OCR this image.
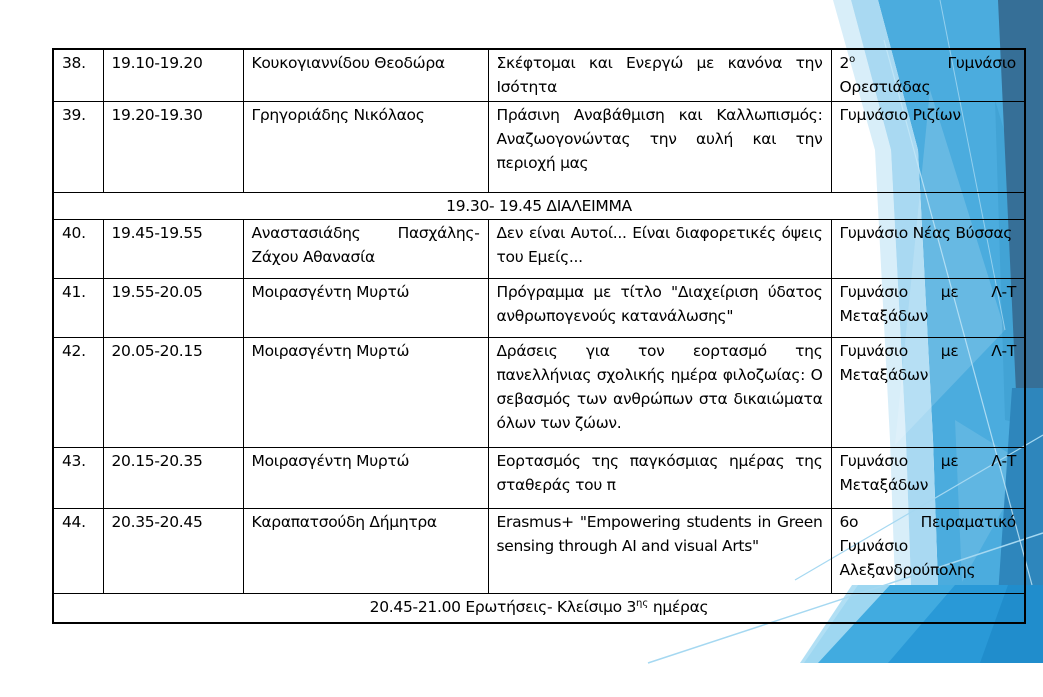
38.	19.10-19.20	Κουκογιαννίδου Θεοδώρα	Σκέφτομαι και Ενεργώ με κανόνα την Ισότητα	$2^o$ Γυμνάσιο Ορεστιάδας
39.	19.20-19.30	Γρηγοριάδης Νικόλαος	Πράσινη Αναβάθμιση και Καλλωπισμός: Αναζωογονώντας την αυλή και την περιοχή μας	Γυμνάσιο Ριζίων
19.30- 19.45 ΔΙΑΛΕΙΜΜΑ				
40.	19.45-19.55	Αναστασιάδης Πασχάλης-Ζάχου Αθανασία	Δεν είναι Αυτοί... Είναι διαφορετικές όψεις του Εμείς...	Γυμνάσιο Νέας Βύσσας
41.	19.55-20.05	Μοιρασγέντη Μυρτώ	Πρόγραμμα με τίτλο "Διαχείριση ύδατος ανθρωπογενούς κατανάλωσης"	Γυμνάσιο με Λ-Τ Μεταξάδων
42.	20.05-20.15	Μοιρασγέντη Μυρτώ	Δράσεις για τον εορτασμό της πανελλήνιας σχολικής ημέρα φιλοζωίας: Ο σεβασμός των ανθρώπων στα δικαιώματα όλων των ζώων.	Γυμνάσιο με Λ-Τ Μεταξάδων
43.	20.15-20.35	Μοιρασγέντη Μυρτώ	Εορτασμός της παγκόσμιας ημέρας της σταθεράς του π	Γυμνάσιο με Λ-Τ Μεταξάδων
44.	20.35-20.45	Καραπατσούδη Δήμητρα	Erasmus+ "Empowering students in Green sensing through AI and visual Arts"	6ο Πειραματικό Γυμνάσιο Αλεξανδρούπολης
20.45-21.00 Ερωτήσεις- Κλείσιμο $3^{\eta\varsigma}$ ημέρας				
